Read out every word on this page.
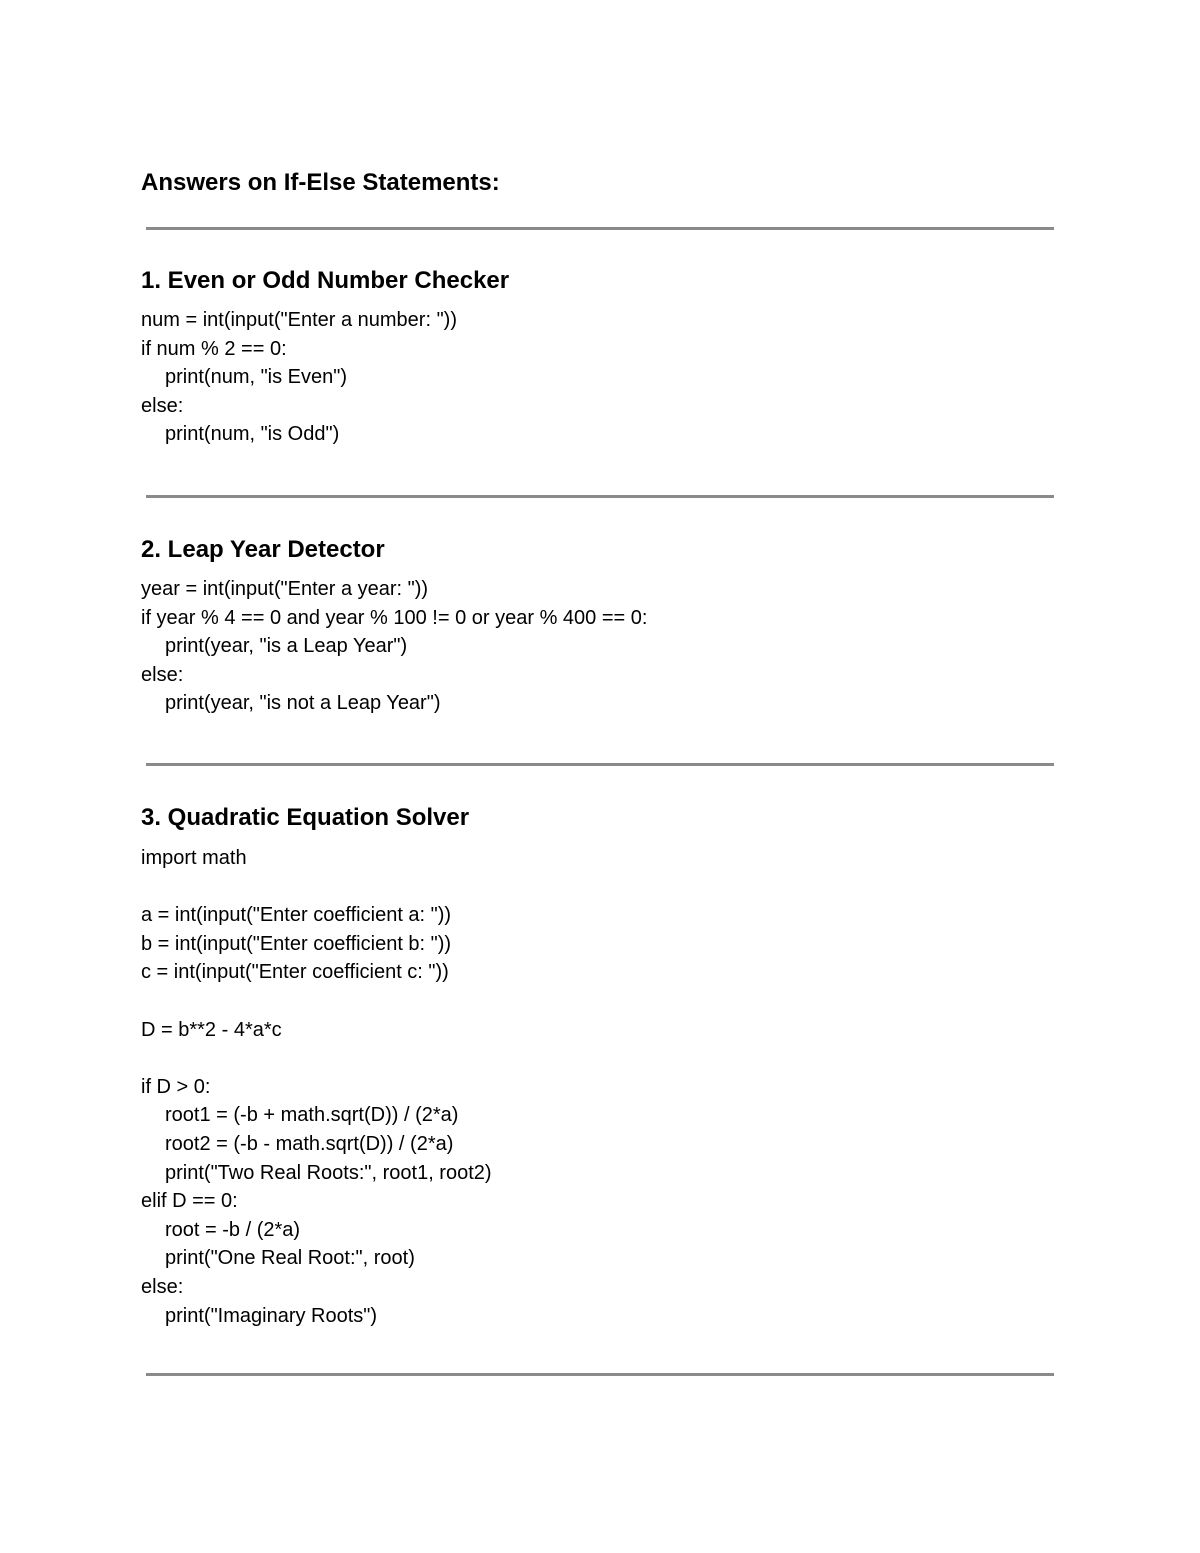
Answers on If-Else Statements:
1. Even or Odd Number Checker
num = int(input("Enter a number: "))
if num % 2 == 0:
print(num, "is Even")
else:
print(num, "is Odd")
2. Leap Year Detector
year = int(input("Enter a year: "))
if year % 4 == 0 and year % 100 != 0 or year % 400 == 0:
print(year, "is a Leap Year")
else:
print(year, "is not a Leap Year")
3. Quadratic Equation Solver
import math
a = int(input("Enter coefficient a: "))
b = int(input("Enter coefficient b: "))
c = int(input("Enter coefficient c: "))
D = b**2 - 4*a*c
if D > 0:
root1 = (-b + math.sqrt(D)) / (2*a)
root2 = (-b - math.sqrt(D)) / (2*a)
print("Two Real Roots:", root1, root2)
elif D == 0:
root = -b / (2*a)
print("One Real Root:", root)
else:
print("Imaginary Roots")
